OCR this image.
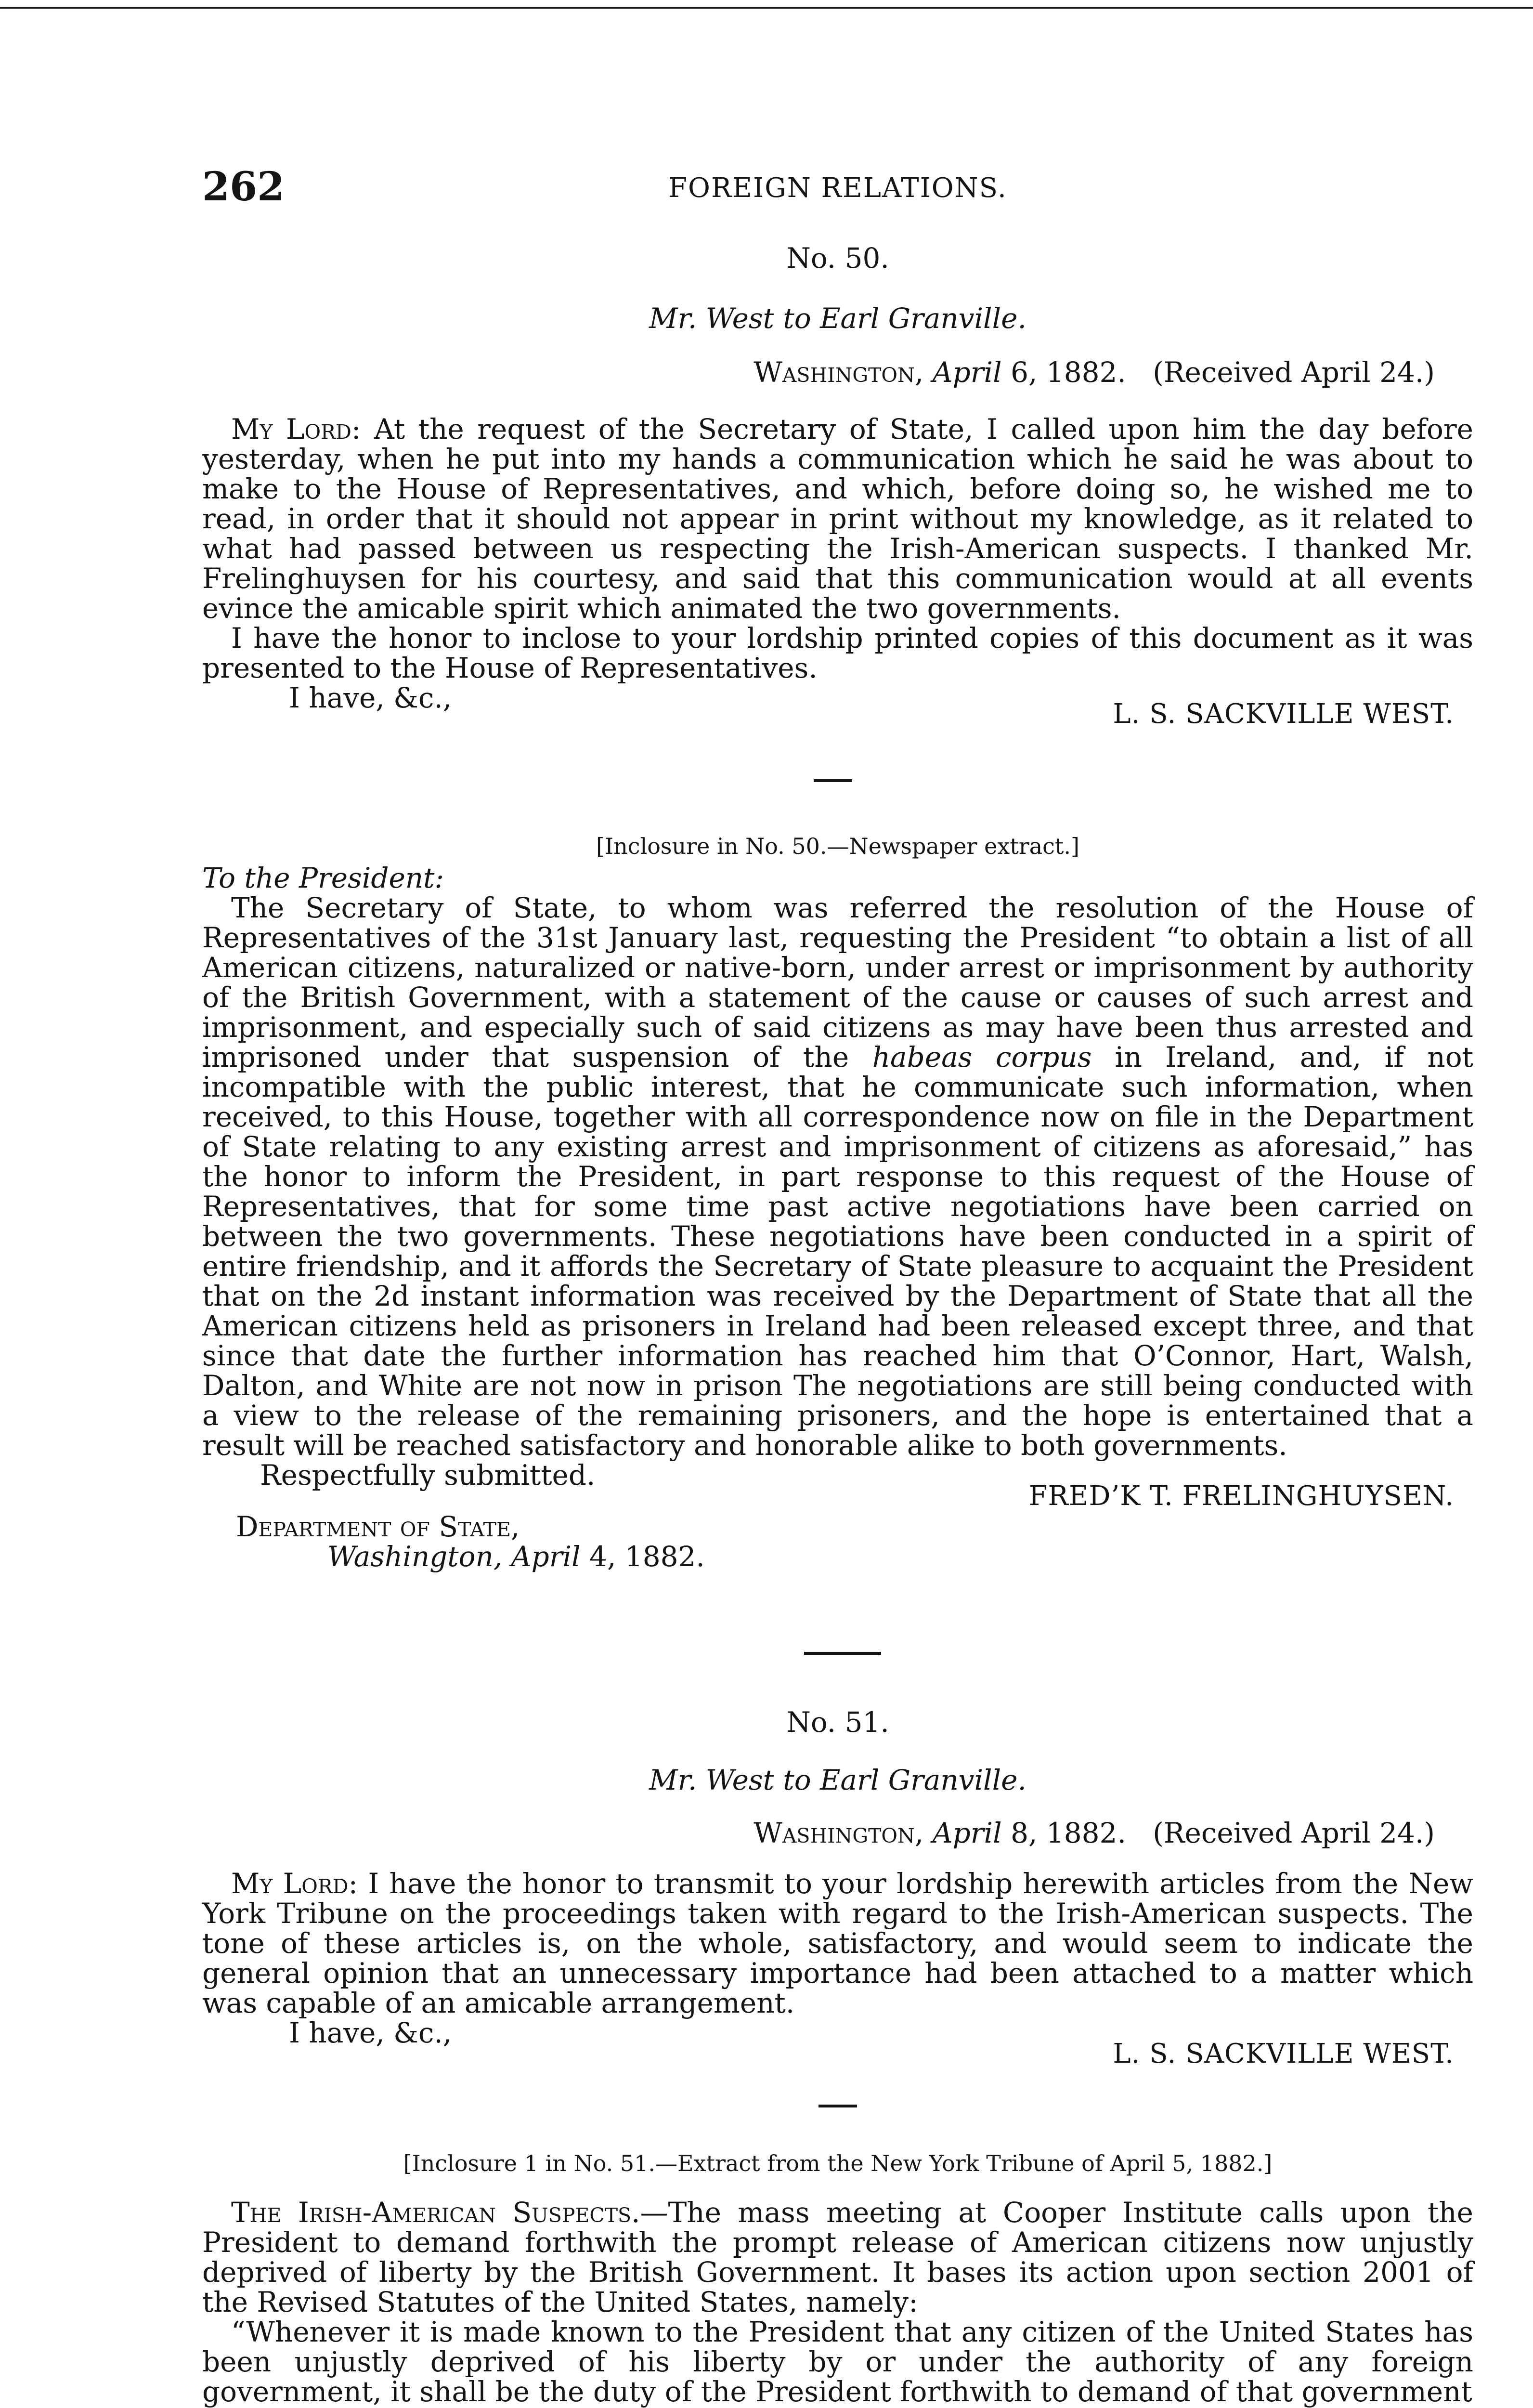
262	FOREIGN RELATIONS.

No. 50.

Mr. West to Earl Granville.

Washington, April 6, 1882. (Received April 24.)

My Lord: At the request of the Secretary of State, I called upon him the day before yesterday, when he put into my hands a communication which he said he was about to make to the House of Representatives, and which, before doing so, he wished me to read, in order that it should not appear in print without my knowledge, as it related to what had passed between us respecting the Irish-American suspects. I thanked Mr. Frelinghuysen for his courtesy, and said that this communication would at all events evince the amicable spirit which animated the two governments.

I have the honor to inclose to your lordship printed copies of this document as it was presented to the House of Representatives.

I have, &c.,	L. S. SACKVILLE WEST.

[Inclosure in No. 50.—Newspaper extract.]

To the President:

The Secretary of State, to whom was referred the resolution of the House of Representatives of the 31st January last, requesting the President “to obtain a list of all American citizens, naturalized or native-born, under arrest or imprisonment by authority of the British Government, with a statement of the cause or causes of such arrest and imprisonment, and especially such of said citizens as may have been thus arrested and imprisoned under that suspension of the habeas corpus in Ireland, and, if not incompatible with the public interest, that he communicate such information, when received, to this House, together with all correspondence now on file in the Department of State relating to any existing arrest and imprisonment of citizens as aforesaid,” has the honor to inform the President, in part response to this request of the House of Representatives, that for some time past active negotiations have been carried on between the two governments. These negotiations have been conducted in a spirit of entire friendship, and it affords the Secretary of State pleasure to acquaint the President that on the 2d instant information was received by the Department of State that all the American citizens held as prisoners in Ireland had been released except three, and that since that date the further information has reached him that O’Connor, Hart, Walsh, Dalton, and White are not now in prison The negotiations are still being conducted with a view to the release of the remaining prisoners, and the hope is entertained that a result will be reached satisfactory and honorable alike to both governments.

Respectfully submitted.

FRED’K T. FRELINGHUYSEN.

Department of State,

Washington, April 4, 1882.

No. 51.

Mr. West to Earl Granville.

Washington, April 8, 1882. (Received April 24.)

My Lord: I have the honor to transmit to your lordship herewith articles from the New York Tribune on the proceedings taken with regard to the Irish-American suspects. The tone of these articles is, on the whole, satisfactory, and would seem to indicate the general opinion that an unnecessary importance had been attached to a matter which was capable of an amicable arrangement.

I have, &c.,

L. S. SACKVILLE WEST.

[Inclosure 1 in No. 51.—Extract from the New York Tribune of April 5, 1882.]

The Irish-American Suspects.—The mass meeting at Cooper Institute calls upon the President to demand forthwith the prompt release of American citizens now unjustly deprived of liberty by the British Government. It bases its action upon section 2001 of the Revised Statutes of the United States, namely:

“Whenever it is made known to the President that any citizen of the United States has been unjustly deprived of his liberty by or under the authority of any foreign government, it shall be the duty of the President forthwith to demand of that government
